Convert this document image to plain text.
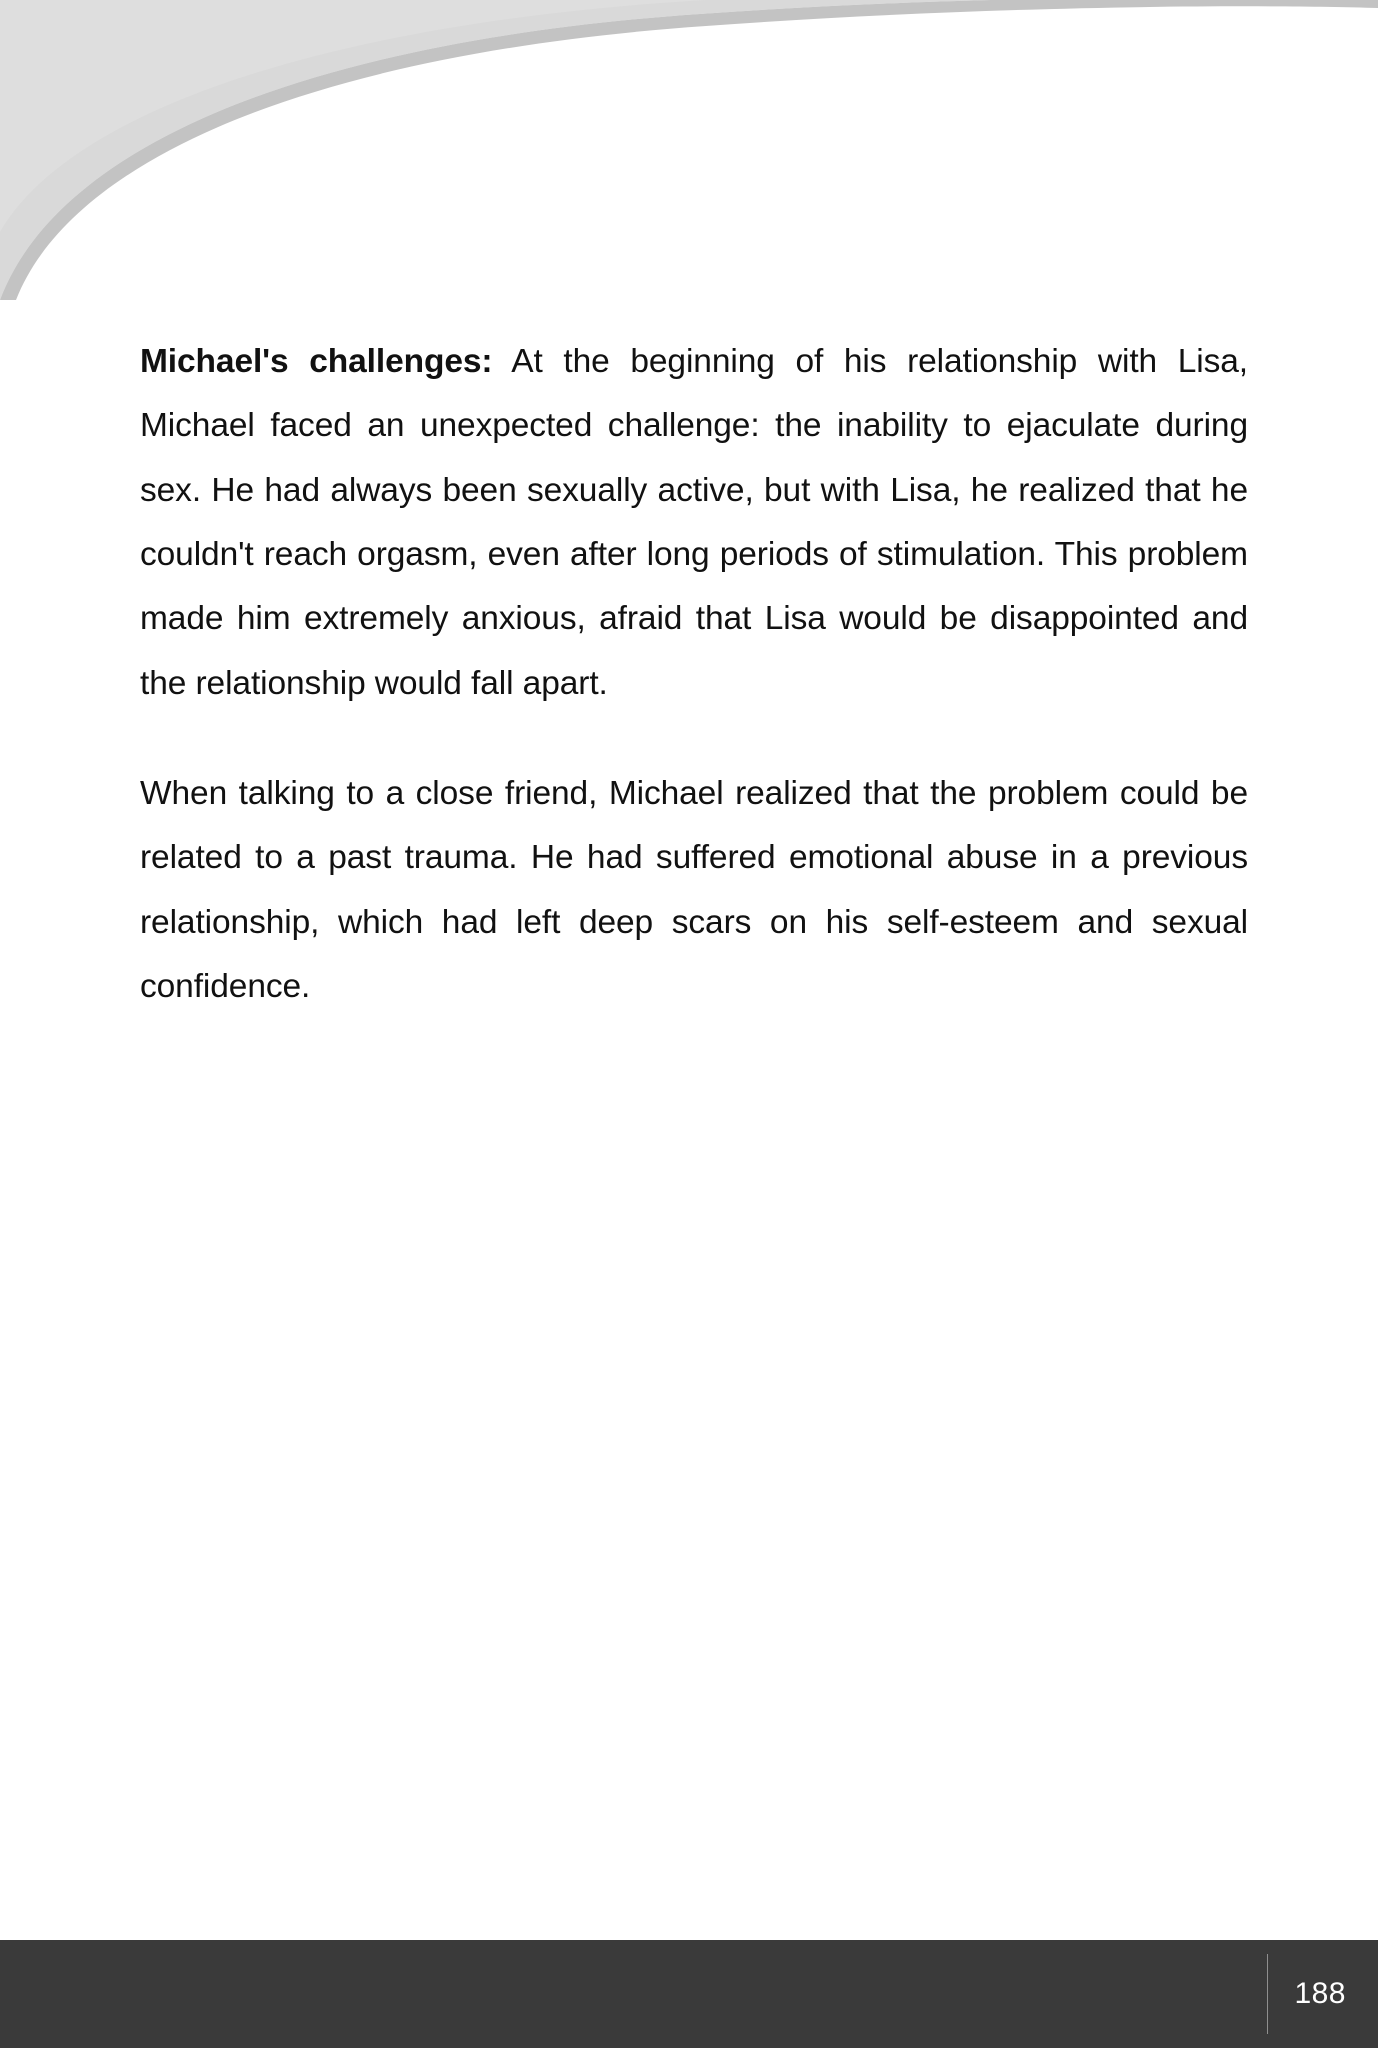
Michael's challenges: At the beginning of his relationship with Lisa, Michael faced an unexpected challenge: the inability to ejaculate during sex. He had always been sexually active, but with Lisa, he realized that he couldn't reach orgasm, even after long periods of stimulation. This problem made him extremely anxious, afraid that Lisa would be disappointed and the relationship would fall apart.

When talking to a close friend, Michael realized that the problem could be related to a past trauma. He had suffered emotional abuse in a previous relationship, which had left deep scars on his self-esteem and sexual confidence.

188
